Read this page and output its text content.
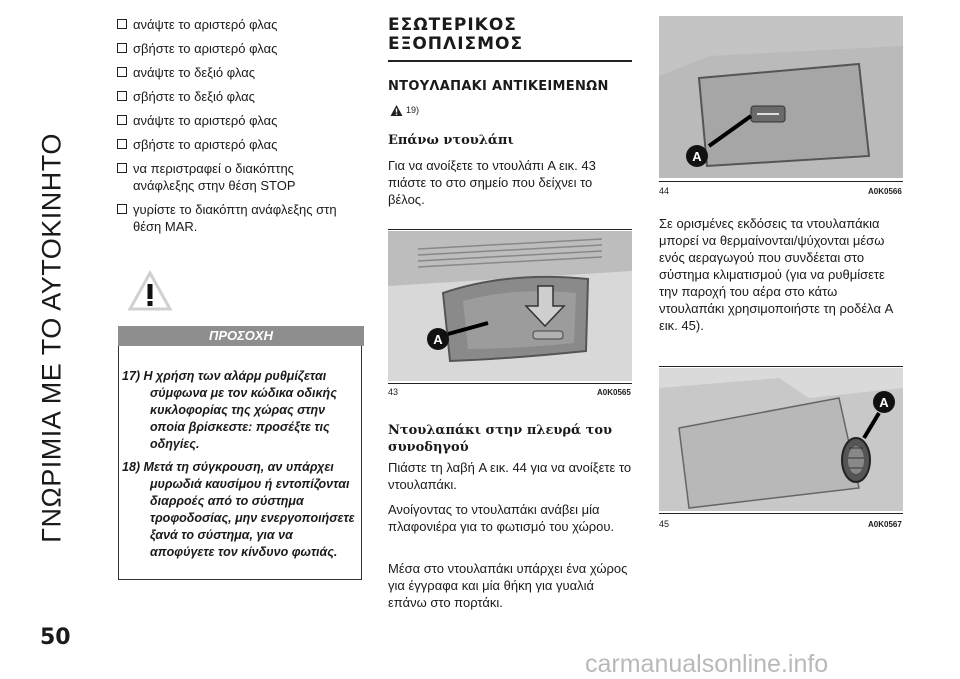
ΓΝΩΡΙΜΙΑ ΜΕ ΤΟ ΑΥΤΟΚΙΝΗΤΟ
50
carmanualsonline.info
ανάψτε το αριστερό φλας
σβήστε το αριστερό φλας
ανάψτε το δεξιό φλας
σβήστε το δεξιό φλας
ανάψτε το αριστερό φλας
σβήστε το αριστερό φλας
να περιστραφεί ο διακόπτης ανάφλεξης στην θέση STOP
γυρίστε το διακόπτη ανάφλεξης στη θέση MAR.
ΠΡΟΣΟΧΗ
17) Η χρήση των αλάρμ ρυθμίζεται σύμφωνα με τον κώδικα οδικής κυκλοφορίας της χώρας στην οποία βρίσκεστε: προσέξτε τις οδηγίες.
18) Μετά τη σύγκρουση, αν υπάρχει μυρωδιά καυσίμου ή εντοπίζονται διαρροές από το σύστημα τροφοδοσίας, μην ενεργοποιήσετε ξανά το σύστημα, για να αποφύγετε τον κίνδυνο φωτιάς.
ΕΣΩΤΕΡΙΚΟΣ
ΕΞΟΠΛΙΣΜΟΣ
ΝΤΟΥΛΑΠΑΚΙ ΑΝΤΙΚΕΙΜΕΝΩΝ
19)
Επάνω ντουλάπι

Για να ανοίξετε το ντουλάπι A εικ. 43 πιάστε το στο σημείο που δείχνει το βέλος.

A
43	A0K0565
Ντουλαπάκι στην πλευρά του συνοδηγού

Πιάστε τη λαβή A εικ. 44 για να ανοίξετε το ντουλαπάκι.

Ανοίγοντας το ντουλαπάκι ανάβει μία πλαφονιέρα για το φωτισμό του χώρου.

Μέσα στο ντουλαπάκι υπάρχει ένα χώρος για έγγραφα και μία θήκη για γυαλιά επάνω στο πορτάκι.

A
44	A0K0566

Σε ορισμένες εκδόσεις τα ντουλαπάκια μπορεί να θερμαίνονται/ψύχονται μέσω ενός αεραγωγού που συνδέεται στο σύστημα κλιματισμού (για να ρυθμίσετε την παροχή του αέρα στο κάτω ντουλαπάκι χρησιμοποιήστε τη ροδέλα A εικ. 45).

A
45	A0K0567
